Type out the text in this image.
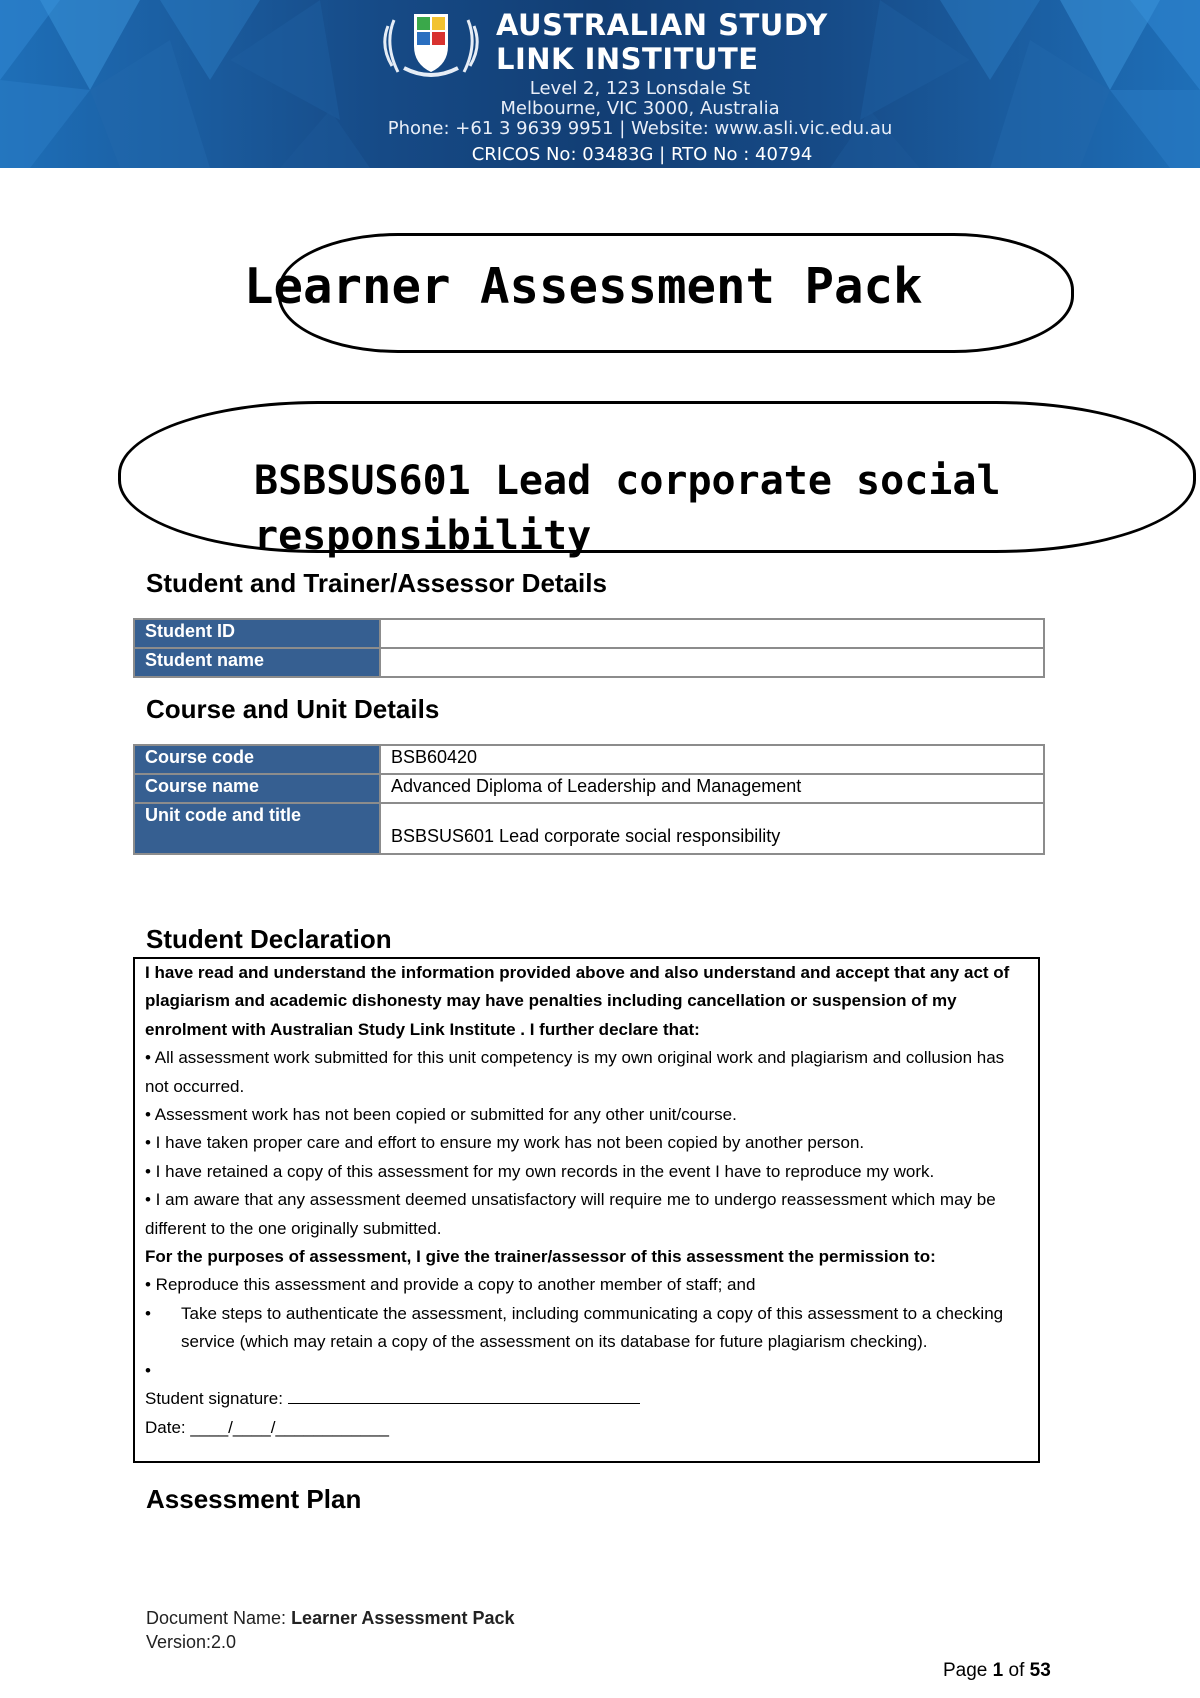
AUSTRALIAN STUDY
LINK INSTITUTE
Level 2, 123 Lonsdale St
Melbourne, VIC 3000, Australia
Phone: +61 3 9639 9951 | Website: www.asli.vic.edu.au
CRICOS No: 03483G | RTO No : 40794
Learner Assessment Pack
BSBSUS601 Lead corporate social responsibility
Student and Trainer/Assessor Details
Student ID	
Student name	
Course and Unit Details
Course code	BSB60420
Course name	Advanced Diploma of Leadership and Management
Unit code and title	BSBSUS601 Lead corporate social responsibility
Student Declaration

I have read and understand the information provided above and also understand and accept that any act of plagiarism and academic dishonesty may have penalties including cancellation or suspension of my enrolment with Australian Study Link Institute . I further declare that:

• All assessment work submitted for this unit competency is my own original work and plagiarism and collusion has not occurred.

• Assessment work has not been copied or submitted for any other unit/course.

• I have taken proper care and effort to ensure my work has not been copied by another person.

• I have retained a copy of this assessment for my own records in the event I have to reproduce my work.

• I am aware that any assessment deemed unsatisfactory will require me to undergo reassessment which may be different to the one originally submitted.

For the purposes of assessment, I give the trainer/assessor of this assessment the permission to:

• Reproduce this assessment and provide a copy to another member of staff; and

•	Take steps to authenticate the assessment, including communicating a copy of this assessment to a checking service (which may retain a copy of the assessment on its database for future plagiarism checking).

•

Student signature:

Date: ____/____/____________

Assessment Plan
Document Name: Learner Assessment Pack
Version:2.0
Page 1 of 53
